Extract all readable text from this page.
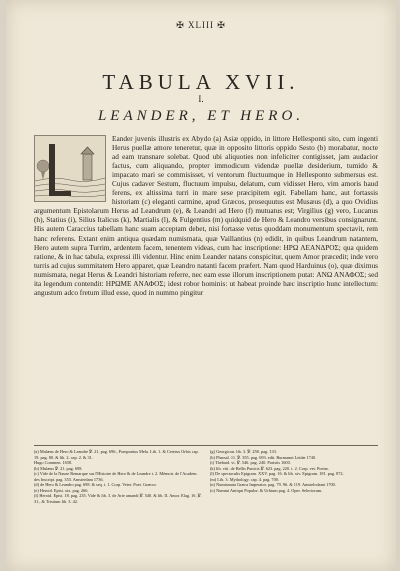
✠ XLIII ✠
TABULA XVII.
I.
LEANDER, ET HERO.

Eander juvenis illustris ex Abydo (a) Asiæ oppido, in littore Hellesponti sito, cum ingenti Herus puellæ amore teneretur, quæ in opposito littoris oppido Sesto (b) morabatur, nocte ad eam transnare solebat. Quod ubi aliquoties non infeliciter contigisset, jam audacior factus, cum aliquando, propter immodicum videndæ puellæ desiderium, tumido & impacato mari se commisisset, vi ventorum fluctuumque in Hellesponto submersus est. Cujus cadaver Sestum, fluctuum impulsu, delatum, cum vidisset Hero, vim amoris haud ferens, ex altissima turri in mare sese præcipitem egit. Fabellam hanc, aut fortassis historiam (c) eleganti carmine, apud Græcos, prosequutus est Musæus (d), a quo Ovidius argumentum Epistolarum Herus ad Leandrum (e), & Leandri ad Hero (f) mutuatus est; Virgilius (g) vero, Lucanus (h), Statius (i), Silius Italicus (k), Martialis (l), & Fulgentius (m) quidquid de Hero & Leandro versibus consignarunt. His autem Caraccius tabellam hanc suam acceptam debet, nisi fortasse vetus quoddam monumentum spectavit, rem hanc referens. Extant enim antiqua quædam numismata, quæ Vaillantius (n) edidit, in quibus Leandrum natantem, Hero autem supra Turrim, ardentem facem, tenentem videas, cum hac inscriptione: ΗΡΩ ΛΕΑΝΔΡΟΣ; qua quidem ratione, & in hac tabula, expressi illi videntur. Hinc enim Leander natans conspicitur, quem Amor præcedit; inde vero turris ad cujus summitatem Hero apparet, quæ Leandro natanti facem præfert. Nam quod Harduinus (o), quæ diximus numismata, negat Herus & Leandri historiam referre, nec eam esse illorum inscriptionem putat: ΑΝΩ ΑΝΑΦΟΣ; sed ita legendum contendit: ΗΡΩΜΕ ΑΝΑΦΟΣ; idest robor hominis: ut habeat proinde hæc inscriptio hunc intellectum: angustum adco fretum illud esse, quod in nummo pingitur

(a) Mulæus de Hero & Leandre ℣. 21. pag. 696., Pomponius Mela. Lib. 1. & Ceterus Orbis cap. 19. pag. 80. & lib. 2. cap. 2. & 31.
Hugo Commen. 1658.
(b) Mulæus ℣. 21. pag. 698.
(c) Vide de la Nauze Remarque sur l'Histoire de Hero & de Leandre t. 2. Mémoir. de l'Academ. des Inscript. pag. 353. Amsterdam 1736.
(d) de Hero & Leandro pag. 698. & seq. t. 1. Corp. Veter. Poet. Græcor.
(e) Heroid. Epist. xix. pag. 266.
(f) Heroid. Epist. 18. pag. 235. Vide & lib. 3. de Arte amandi ℣. 540. & lib. II. Amor. Elag. 16. ℣. 31., & Tristium lib. 3. 42.
(g) Georgicon. lib. 3. ℣. 258. pag. 133.
(h) Pharsal. 11. ℣. 355. pag. 693. edit. Burmanni Leidæ 1740.
(i) Thebaid. vi. ℣. 546. pag. 240. Parisiis 1600.
(k) lib. viii. de Bellis Punicis ℣. 623. pag. 220. t. 2. Corp. vet. Poetar.
(l) De spectaculis Epigram. XXV. pag. 16. & lib. xiv. Epigram. 181. pag. 872.
(m) Lib. 3. Mythology. cap. 4. pag. 700.
(n) Numismata Græca Imperator. pag. 79. 96. & 119. Amstelodami 1700.
(o) Nummi Antiqui Populor. & Urbium pag. 4. Oper. Selectorum.
